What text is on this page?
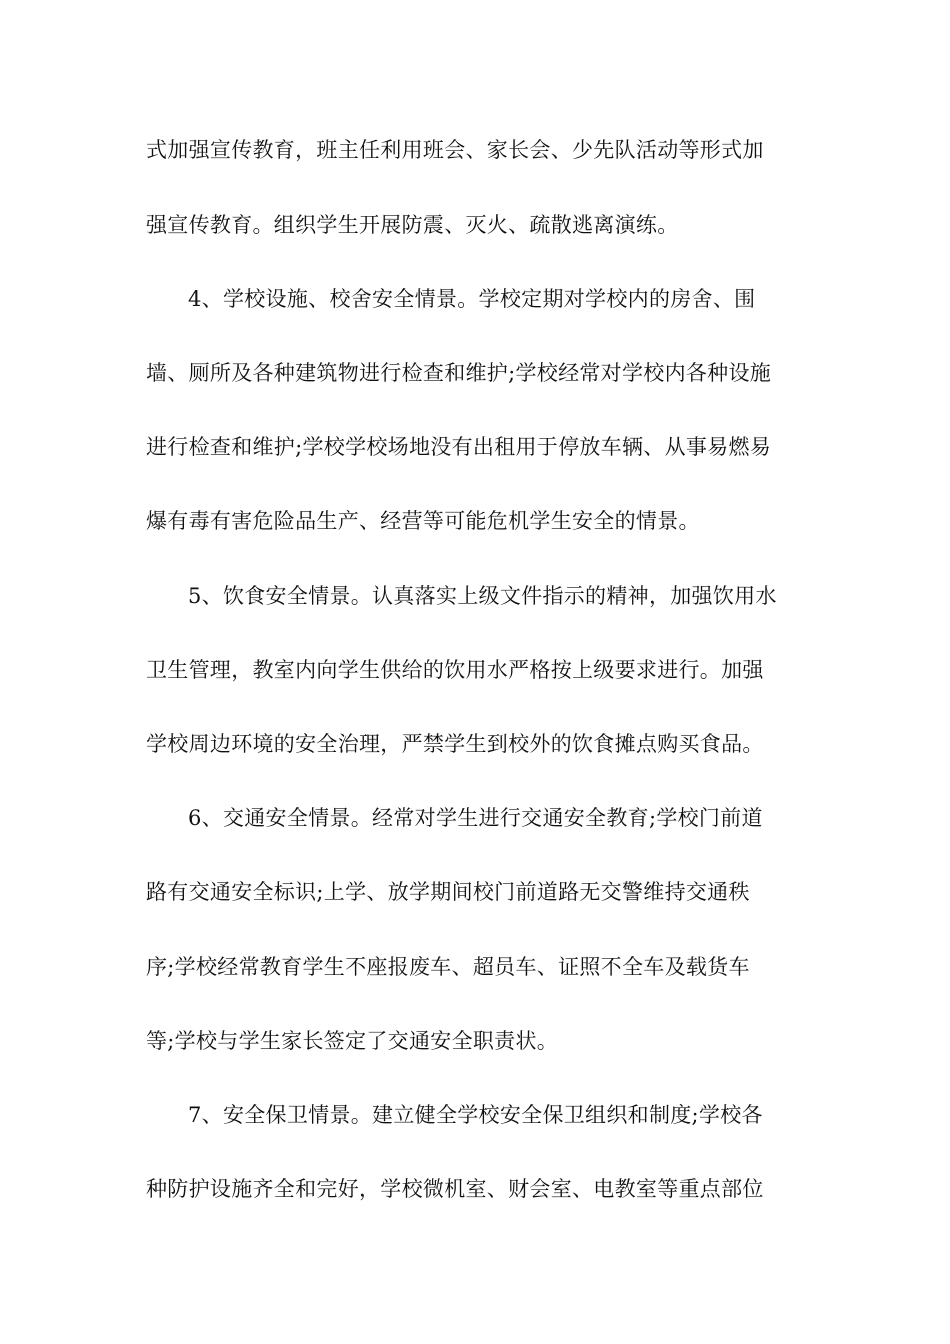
式加强宣传教育，班主任利用班会、家长会、少先队活动等形式加
强宣传教育。组织学生开展防震、灭火、疏散逃离演练。
4、学校设施、校舍安全情景。学校定期对学校内的房舍、围
墙、厕所及各种建筑物进行检查和维护;学校经常对学校内各种设施
进行检查和维护;学校学校场地没有出租用于停放车辆、从事易燃易
爆有毒有害危险品生产、经营等可能危机学生安全的情景。
5、饮食安全情景。认真落实上级文件指示的精神，加强饮用水
卫生管理，教室内向学生供给的饮用水严格按上级要求进行。加强
学校周边环境的安全治理，严禁学生到校外的饮食摊点购买食品。
6、交通安全情景。经常对学生进行交通安全教育;学校门前道
路有交通安全标识;上学、放学期间校门前道路无交警维持交通秩
序;学校经常教育学生不座报废车、超员车、证照不全车及载货车
等;学校与学生家长签定了交通安全职责状。
7、安全保卫情景。建立健全学校安全保卫组织和制度;学校各
种防护设施齐全和完好，学校微机室、财会室、电教室等重点部位
